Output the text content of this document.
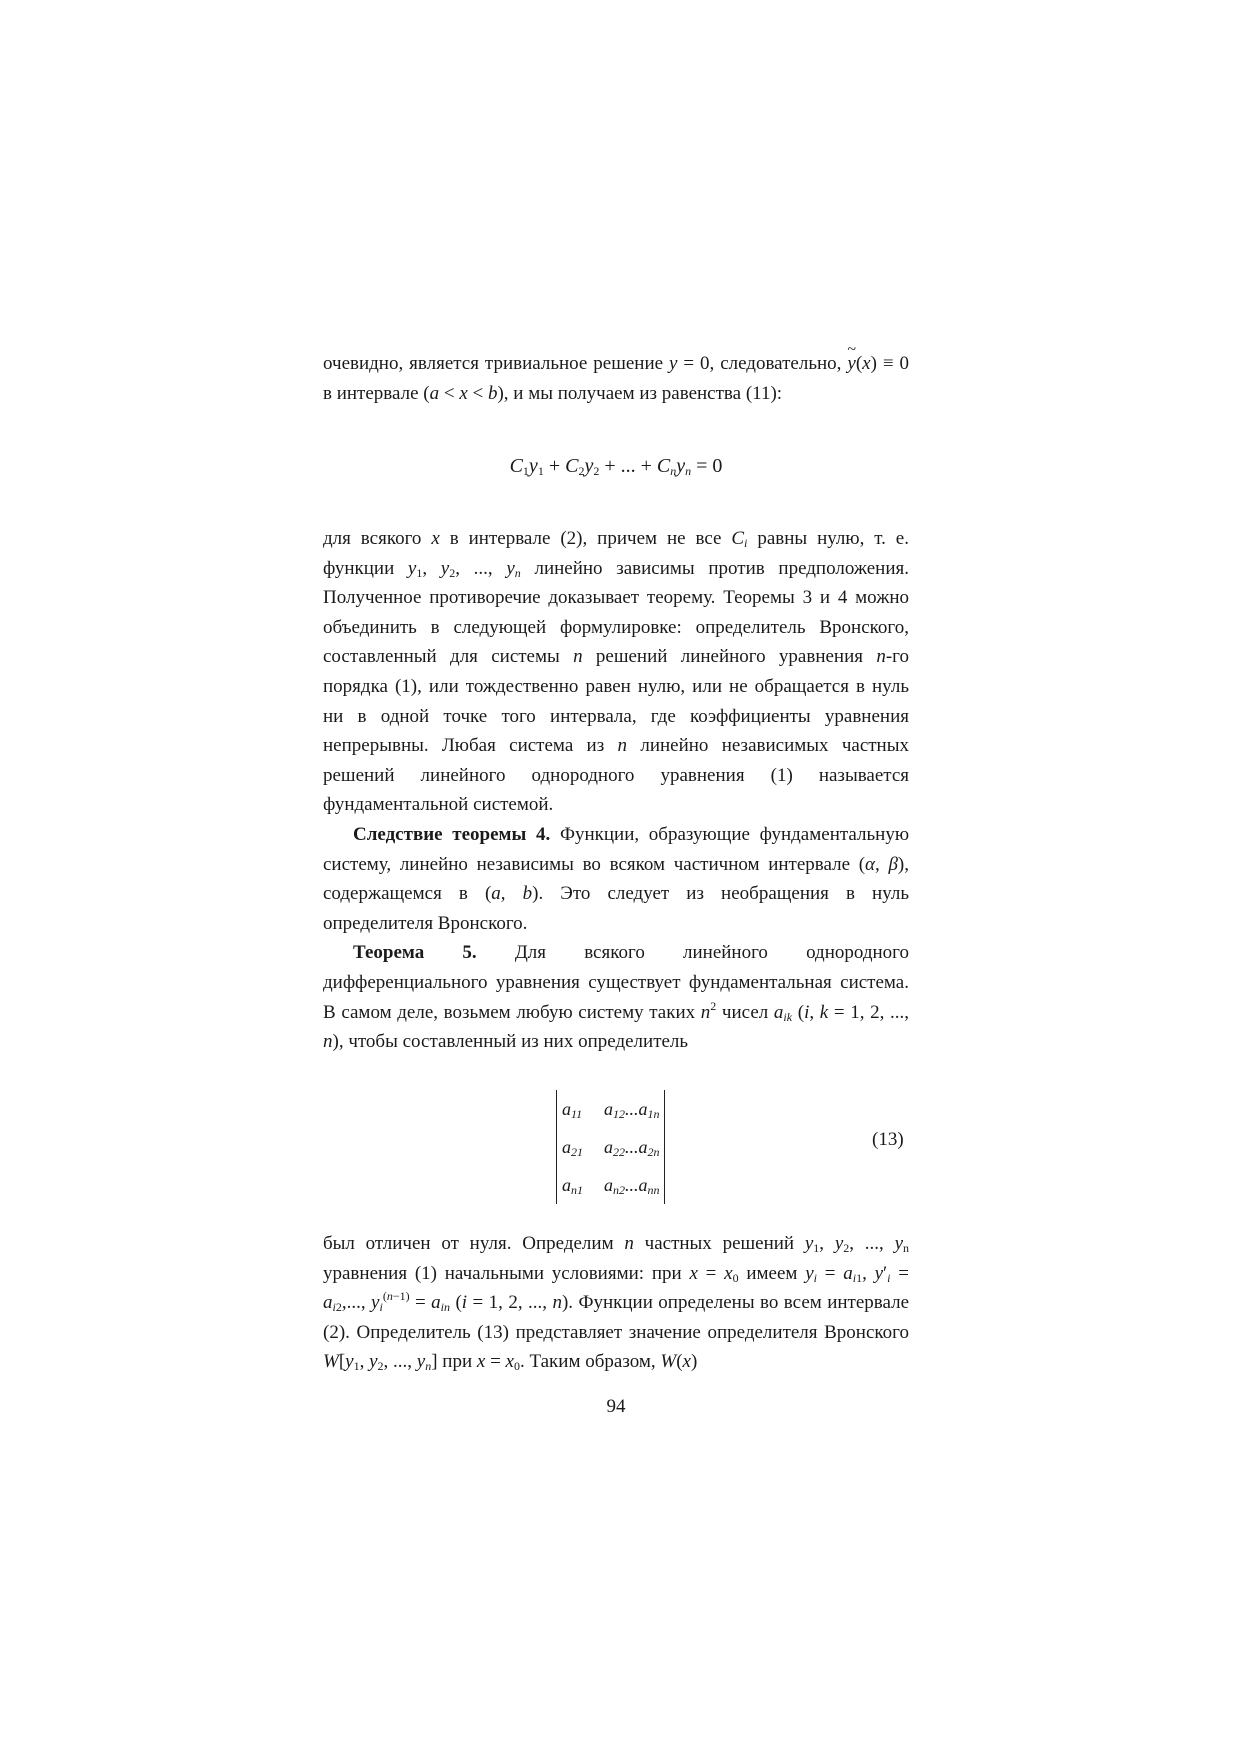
очевидно, является тривиальное решение y = 0, следовательно, ~ y(x) ≡ 0 в интервале (a < x < b), и мы получаем из равенства (11):

$C_1y_1 + C_2y_2$ + ... + $C_ny_n = 0$

для всякого x в интервале (2), причем не все $C_i$ равны нулю, т. е. функции $y_1$, $y_2$, ..., $y_n$ линейно зависимы против предположения. Полученное противоречие доказывает теорему. Теоремы 3 и 4 можно объединить в следующей формулировке: определитель Вронского, составленный для системы n решений линейного уравнения n-го порядка (1), или тождественно равен нулю, или не обращается в нуль ни в одной точке того интервала, где коэффициенты уравнения непрерывны. Любая система из n линейно независимых частных решений линейного однородного уравнения (1) называется фундаментальной системой.

Следствие теоремы 4. Функции, образующие фундаментальную систему, линейно независимы во всяком частичном интервале (α, β), содержащемся в (a, b). Это следует из необращения в нуль определителя Вронского.

Теорема 5. Для всякого линейного однородного дифференциального уравнения существует фундаментальная система. В самом деле, возьмем любую систему таких $n^2$ чисел $a_{ik}$ (i, k = 1, 2, ..., n), чтобы составленный из них определитель

$a_{11}$ $a_{12}...a_{1n}$
$a_{21}$ $a_{22}...a_{2n}$
$a_{n1}$ $a_{n2}...a_{nn}$
(13)

был отличен от нуля. Определим n частных решений $y_1$, $y_2$, ..., $y_n$ уравнения (1) начальными условиями: при $x = x_0$ имеем $y_i = a_{i1}$, $y'_i = a_{i2}$,..., $y_i^{(n-1)} = a_{in}$ (i = 1, 2, ..., n). Функции определены во всем интервале (2). Определитель (13) представляет значение определителя Вронского $W[y_1$, $y_2$, ..., $y_n$] при $x = x_0$. Таким образом, W(x)

94
